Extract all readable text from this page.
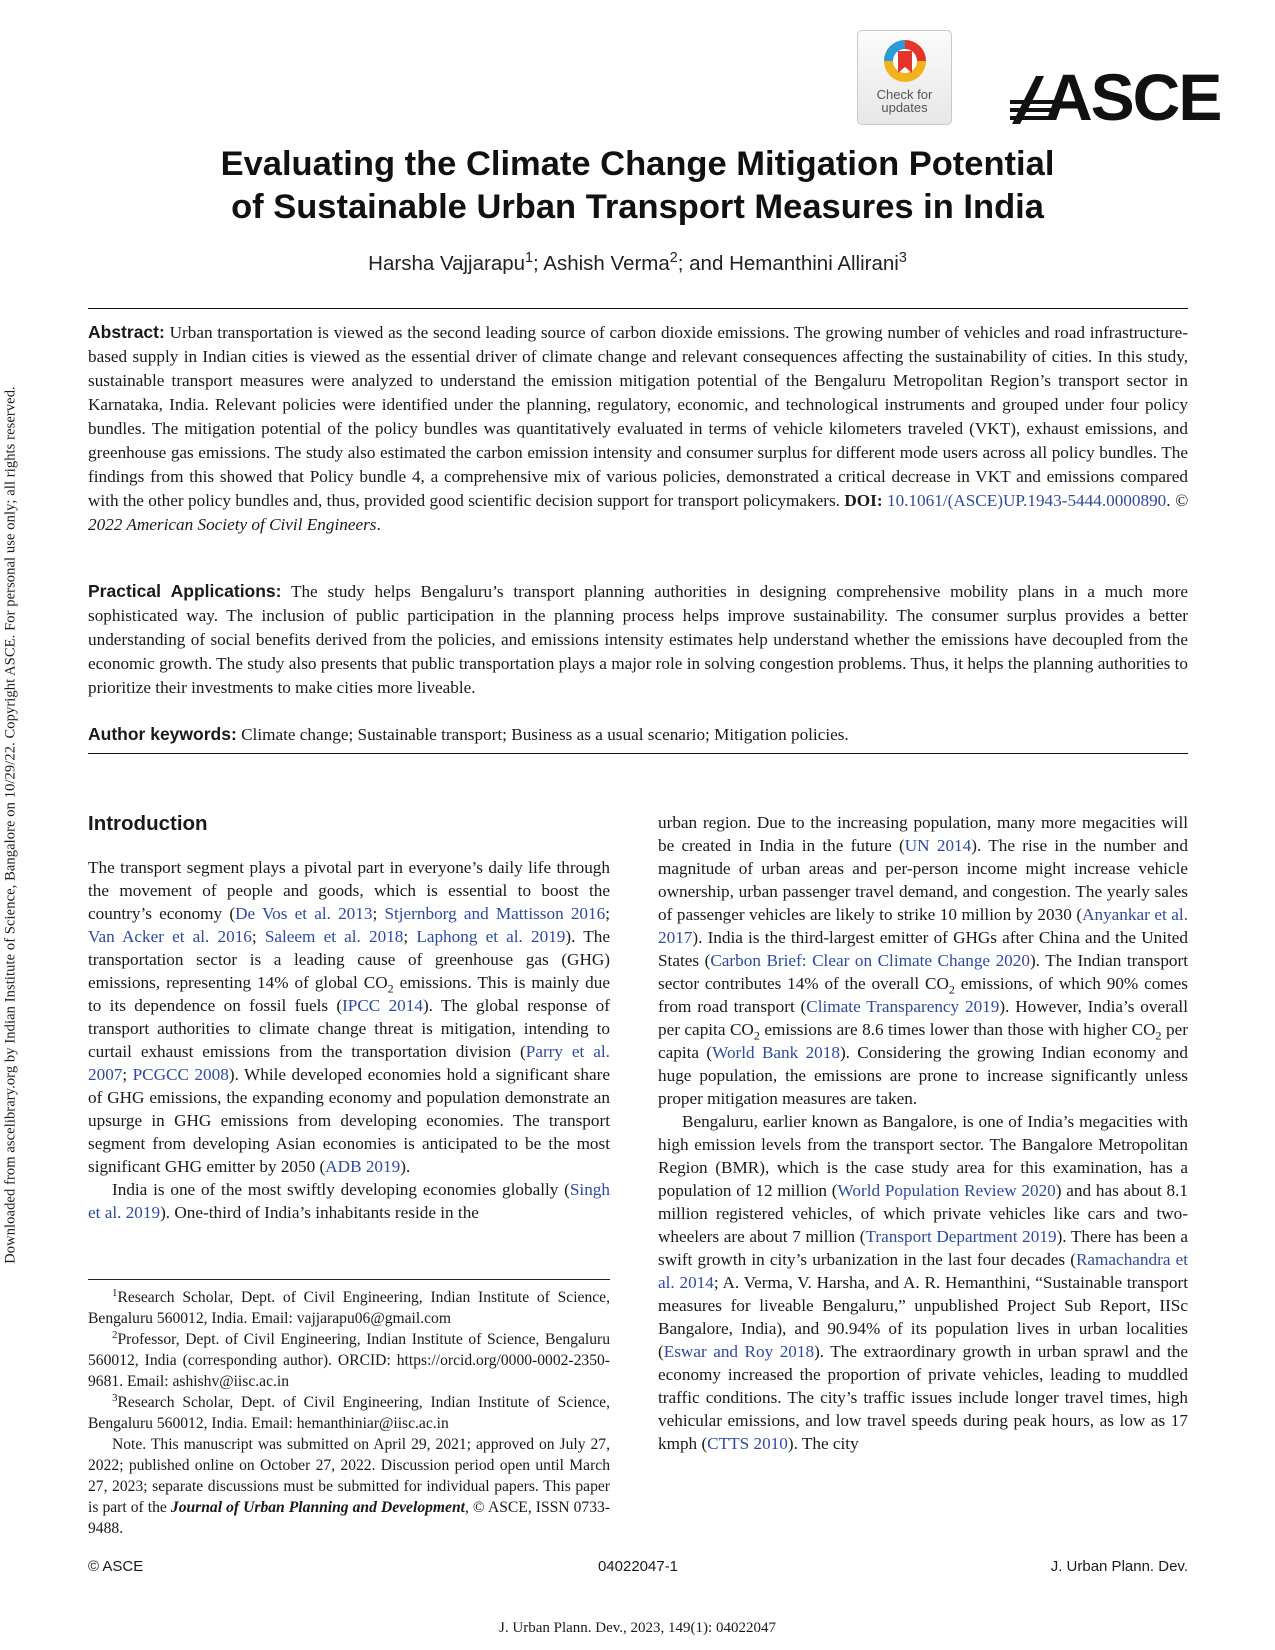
Downloaded from ascelibrary.org by Indian Institute of Science, Bangalore on 10/29/22. Copyright ASCE. For personal use only; all rights reserved.
Check for
updates	ASCE
Evaluating the Climate Change Mitigation Potential
of Sustainable Urban Transport Measures in India
Harsha Vajjarapu$^1$; Ashish Verma$^2$; and Hemanthini Allirani$^3$
Abstract: Urban transportation is viewed as the second leading source of carbon dioxide emissions. The growing number of vehicles and road infrastructure-based supply in Indian cities is viewed as the essential driver of climate change and relevant consequences affecting the sustainability of cities. In this study, sustainable transport measures were analyzed to understand the emission mitigation potential of the Bengaluru Metropolitan Region’s transport sector in Karnataka, India. Relevant policies were identified under the planning, regulatory, economic, and technological instruments and grouped under four policy bundles. The mitigation potential of the policy bundles was quantitatively evaluated in terms of vehicle kilometers traveled (VKT), exhaust emissions, and greenhouse gas emissions. The study also estimated the carbon emission intensity and consumer surplus for different mode users across all policy bundles. The findings from this showed that Policy bundle 4, a comprehensive mix of various policies, demonstrated a critical decrease in VKT and emissions compared with the other policy bundles and, thus, provided good scientific decision support for transport policymakers. DOI: 10.1061/(ASCE)UP.1943-5444.0000890. © 2022 American Society of Civil Engineers.
Practical Applications: The study helps Bengaluru’s transport planning authorities in designing comprehensive mobility plans in a much more sophisticated way. The inclusion of public participation in the planning process helps improve sustainability. The consumer surplus provides a better understanding of social benefits derived from the policies, and emissions intensity estimates help understand whether the emissions have decoupled from the economic growth. The study also presents that public transportation plays a major role in solving congestion problems. Thus, it helps the planning authorities to prioritize their investments to make cities more liveable.
Author keywords: Climate change; Sustainable transport; Business as a usual scenario; Mitigation policies.
Introduction

The transport segment plays a pivotal part in everyone’s daily life through the movement of people and goods, which is essential to boost the country’s economy (De Vos et al. 2013; Stjernborg and Mattisson 2016; Van Acker et al. 2016; Saleem et al. 2018; Laphong et al. 2019). The transportation sector is a leading cause of greenhouse gas (GHG) emissions, representing 14% of global $CO_2$ emissions. This is mainly due to its dependence on fossil fuels (IPCC 2014). The global response of transport authorities to climate change threat is mitigation, intending to curtail exhaust emissions from the transportation division (Parry et al. 2007; PCGCC 2008). While developed economies hold a significant share of GHG emissions, the expanding economy and population demonstrate an upsurge in GHG emissions from developing economies. The transport segment from developing Asian economies is anticipated to be the most significant GHG emitter by 2050 (ADB 2019).

India is one of the most swiftly developing economies globally (Singh et al. 2019). One-third of India’s inhabitants reside in the

$^1$Research Scholar, Dept. of Civil Engineering, Indian Institute of Science, Bengaluru 560012, India. Email: vajjarapu06@gmail.com

$^2$Professor, Dept. of Civil Engineering, Indian Institute of Science, Bengaluru 560012, India (corresponding author). ORCID: https://orcid.org/0000-0002-2350-9681. Email: ashishv@iisc.ac.in

$^3$Research Scholar, Dept. of Civil Engineering, Indian Institute of Science, Bengaluru 560012, India. Email: hemanthiniar@iisc.ac.in

Note. This manuscript was submitted on April 29, 2021; approved on July 27, 2022; published online on October 27, 2022. Discussion period open until March 27, 2023; separate discussions must be submitted for individual papers. This paper is part of the Journal of Urban Planning and Development, © ASCE, ISSN 0733-9488.

urban region. Due to the increasing population, many more megacities will be created in India in the future (UN 2014). The rise in the number and magnitude of urban areas and per-person income might increase vehicle ownership, urban passenger travel demand, and congestion. The yearly sales of passenger vehicles are likely to strike 10 million by 2030 (Anyankar et al. 2017). India is the third-largest emitter of GHGs after China and the United States (Carbon Brief: Clear on Climate Change 2020). The Indian transport sector contributes 14% of the overall $CO_2$ emissions, of which 90% comes from road transport (Climate Transparency 2019). However, India’s overall per capita $CO_2$ emissions are 8.6 times lower than those with higher $CO_2$ per capita (World Bank 2018). Considering the growing Indian economy and huge population, the emissions are prone to increase significantly unless proper mitigation measures are taken.

Bengaluru, earlier known as Bangalore, is one of India’s megacities with high emission levels from the transport sector. The Bangalore Metropolitan Region (BMR), which is the case study area for this examination, has a population of 12 million (World Population Review 2020) and has about 8.1 million registered vehicles, of which private vehicles like cars and two-wheelers are about 7 million (Transport Department 2019). There has been a swift growth in city’s urbanization in the last four decades (Ramachandra et al. 2014; A. Verma, V. Harsha, and A. R. Hemanthini, “Sustainable transport measures for liveable Bengaluru,” unpublished Project Sub Report, IISc Bangalore, India), and 90.94% of its population lives in urban localities (Eswar and Roy 2018). The extraordinary growth in urban sprawl and the economy increased the proportion of private vehicles, leading to muddled traffic conditions. The city’s traffic issues include longer travel times, high vehicular emissions, and low travel speeds during peak hours, as low as 17 kmph (CTTS 2010). The city

© ASCE	04022047-1	J. Urban Plann. Dev.
J. Urban Plann. Dev., 2023, 149(1): 04022047
